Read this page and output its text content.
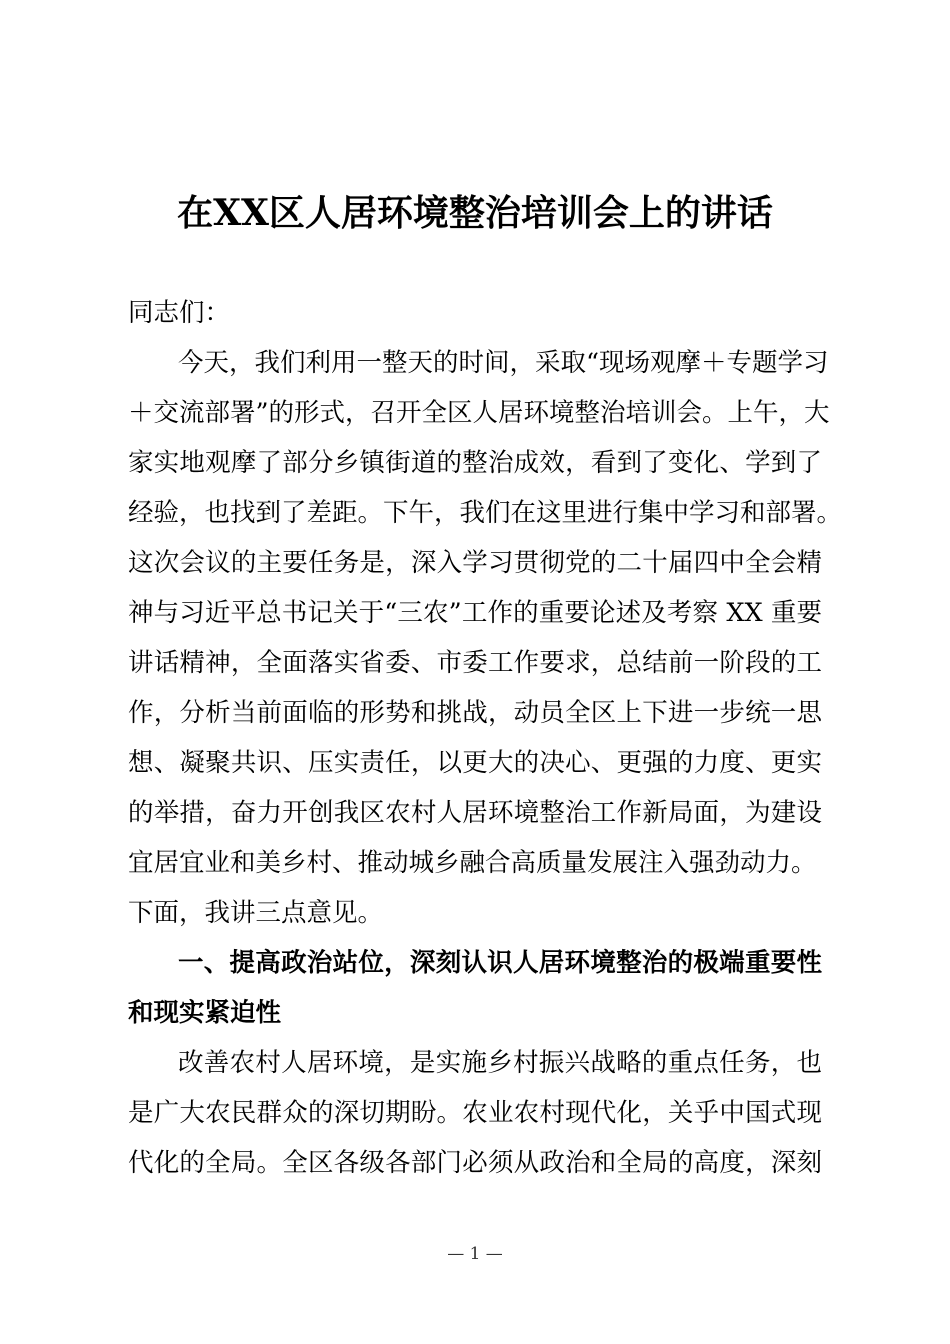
在XX区人居环境整治培训会上的讲话
同志们：
今天，我们利用一整天的时间，采取“现场观摩＋专题学习
＋交流部署”的形式，召开全区人居环境整治培训会。上午，大
家实地观摩了部分乡镇街道的整治成效，看到了变化、学到了
经验，也找到了差距。下午，我们在这里进行集中学习和部署。
这次会议的主要任务是，深入学习贯彻党的二十届四中全会精
神与习近平总书记关于“三农”工作的重要论述及考察 XX 重要
讲话精神，全面落实省委、市委工作要求，总结前一阶段的工
作，分析当前面临的形势和挑战，动员全区上下进一步统一思
想、凝聚共识、压实责任，以更大的决心、更强的力度、更实
的举措，奋力开创我区农村人居环境整治工作新局面，为建设
宜居宜业和美乡村、推动城乡融合高质量发展注入强劲动力。
下面，我讲三点意见。
一、提高政治站位，深刻认识人居环境整治的极端重要性
和现实紧迫性
改善农村人居环境，是实施乡村振兴战略的重点任务，也
是广大农民群众的深切期盼。农业农村现代化，关乎中国式现
代化的全局。全区各级各部门必须从政治和全局的高度，深刻
— 1 —
